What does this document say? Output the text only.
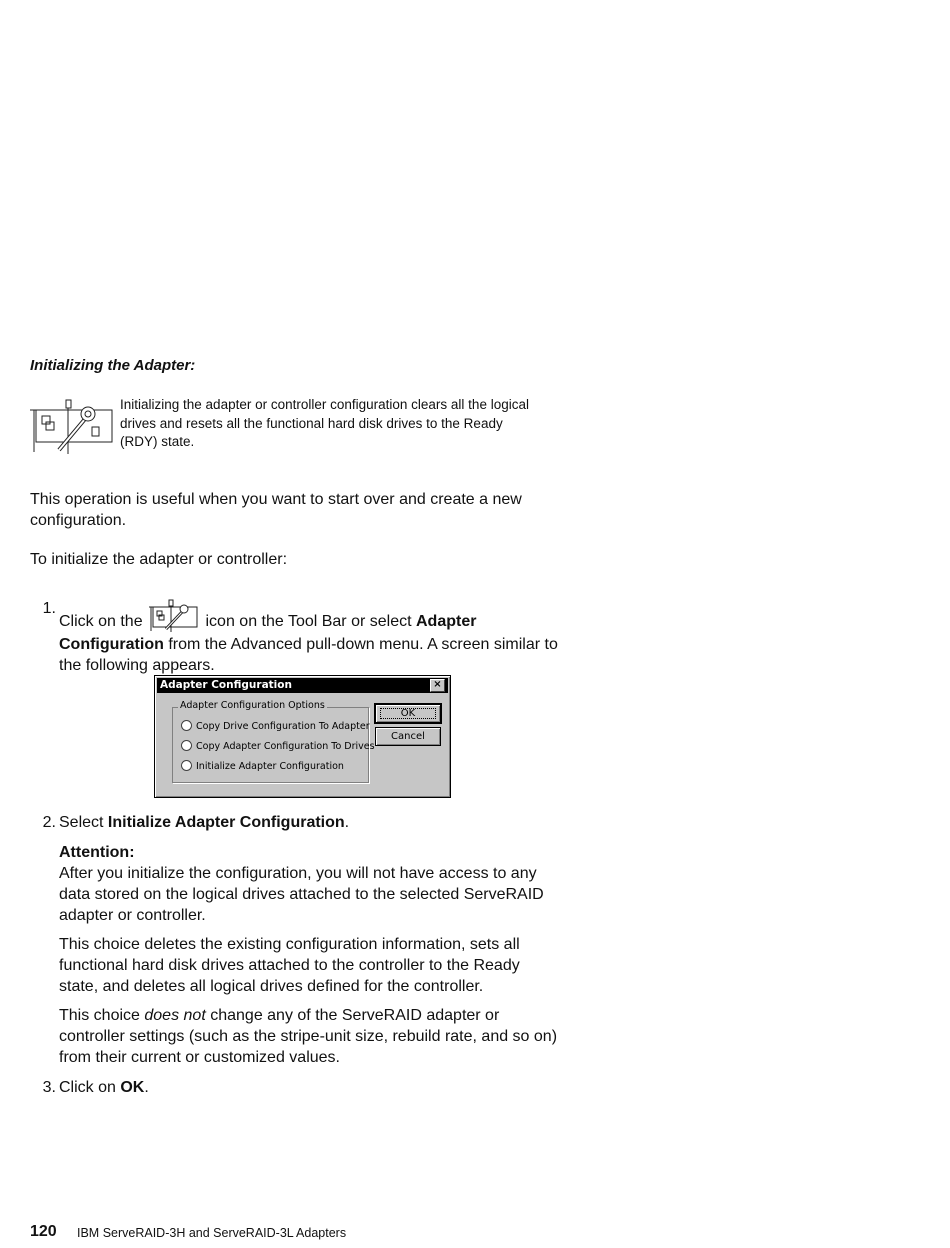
Initializing the Adapter:
Initializing the adapter or controller configuration clears all the logical drives and resets all the functional hard disk drives to the Ready (RDY) state.
This operation is useful when you want to start over and create a new configuration.
To initialize the adapter or controller:
1.
Click on the	icon on the Tool Bar or select Adapter Configuration from the Advanced pull-down menu. A screen similar to the following appears.
Adapter Configuration	×
Adapter Configuration Options
Copy Drive Configuration To Adapter
Copy Adapter Configuration To Drives
Initialize Adapter Configuration
OK
Cancel
2. Select Initialize Adapter Configuration.
Attention:
After you initialize the configuration, you will not have access to any data stored on the logical drives attached to the selected ServeRAID adapter or controller.
This choice deletes the existing configuration information, sets all functional hard disk drives attached to the controller to the Ready state, and deletes all logical drives defined for the controller.
This choice does not change any of the ServeRAID adapter or controller settings (such as the stripe-unit size, rebuild rate, and so on) from their current or customized values.
3. Click on OK.
120 IBM ServeRAID-3H and ServeRAID-3L Adapters
